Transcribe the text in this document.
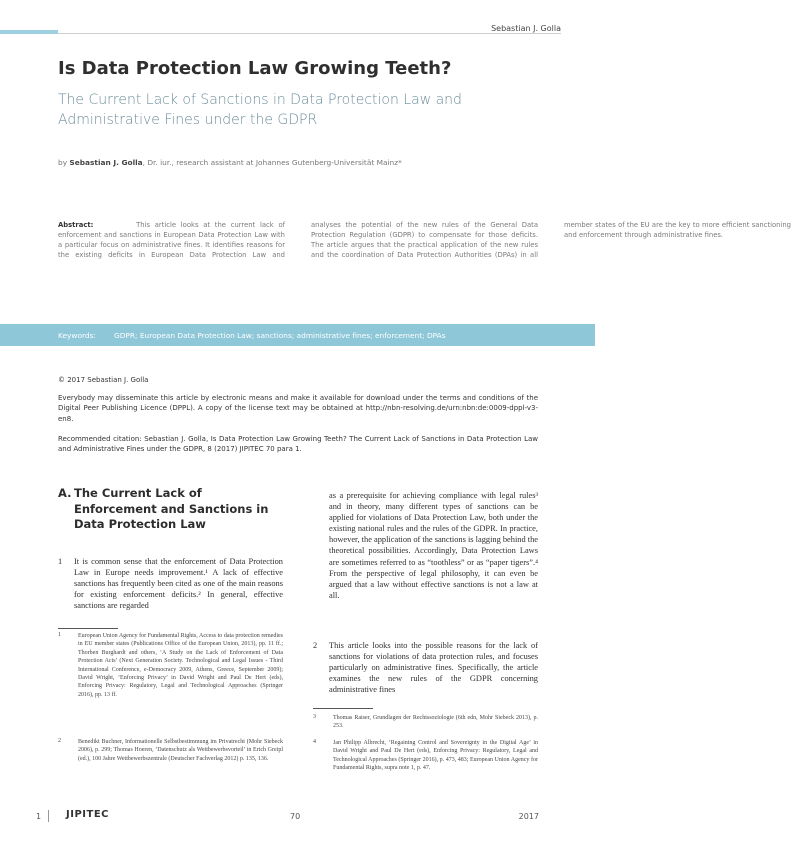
Sebastian J. Golla
Is Data Protection Law Growing Teeth?
The Current Lack of Sanctions in Data Protection Law and Administrative Fines under the GDPR
by Sebastian J. Golla, Dr. iur., research assistant at Johannes Gutenberg-Universität Mainz*
Abstract:	This article looks at the current lack of enforcement and sanctions in European Data Protection Law with a particular focus on administrative fines. It identifies reasons for the existing deficits in European Data Protection Law and analyses the potential of the new rules of the General Data Protection Regulation (GDPR) to compensate for those deficits. The article argues that the practical application of the new rules and the coordination of Data Protection Authorities (DPAs) in all member states of the EU are the key to more efficient sanctioning and enforcement through administrative fines.
Keywords: GDPR; European Data Protection Law; sanctions; administrative fines; enforcement; DPAs
© 2017 Sebastian J. Golla
Everybody may disseminate this article by electronic means and make it available for download under the terms and conditions of the Digital Peer Publishing Licence (DPPL). A copy of the license text may be obtained at http://nbn-resolving.de/urn:nbn:de:0009-dppl-v3-en8.
Recommended citation: Sebastian J. Golla, Is Data Protection Law Growing Teeth? The Current Lack of Sanctions in Data Protection Law and Administrative Fines under the GDPR, 8 (2017) JIPITEC 70 para 1.
A. The Current Lack of Enforcement and Sanctions in Data Protection Law
1 It is common sense that the enforcement of Data Protection Law in Europe needs improvement.¹ A lack of effective sanctions has frequently been cited as one of the main reasons for existing enforcement deficits.² In general, effective sanctions are regarded

1	European Union Agency for Fundamental Rights, Access to data protection remedies in EU member states (Publications Office of the European Union, 2013), pp. 11 ff.; Thorben Burghardt and others, ‘A Study on the Lack of Enforcement of Data Protection Acts’ (Next Generation Society. Technological and Legal Issues - Third International Conference, e-Democracy 2009, Athens, Greece, September 2009); David Wright, ‘Enforcing Privacy’ in David Wright and Paul De Hert (eds), Enforcing Privacy: Regulatory, Legal and Technological Approaches (Springer 2016), pp. 13 ff.
2	Benedikt Buchner, Informationelle Selbstbestimmung im Privatrecht (Mohr Siebeck 2006), p. 299; Thomas Hoeren, ‘Datenschutz als Wettbewerbsvorteil’ in Erich Greipl (ed.), 100 Jahre Wettbewerbszentrale (Deutscher Fachverlag 2012) p. 135, 136.

as a prerequisite for achieving compliance with legal rules³ and in theory, many different types of sanctions can be applied for violations of Data Protection Law, both under the existing national rules and the rules of the GDPR. In practice, however, the application of the sanctions is lagging behind the theoretical possibilities. Accordingly, Data Protection Laws are sometimes referred to as “toothless” or as “paper tigers”.⁴ From the perspective of legal philosophy, it can even be argued that a law without effective sanctions is not a law at all.

2 This article looks into the possible reasons for the lack of sanctions for violations of data protection rules, and focuses particularly on administrative fines. Specifically, the article examines the new rules of the GDPR concerning administrative fines

3	Thomas Raiser, Grundlagen der Rechtssoziologie (6th edn, Mohr Siebeck 2013), p. 253.
4	Jan Philipp Albrecht, ‘Regaining Control and Sovereignty in the Digital Age’ in David Wright and Paul De Hert (eds), Enforcing Privacy: Regulatory, Legal and Technological Approaches (Springer 2016), p. 473, 483; European Union Agency for Fundamental Rights, supra note 1, p. 47.
1 JIPITEC	70	2017
